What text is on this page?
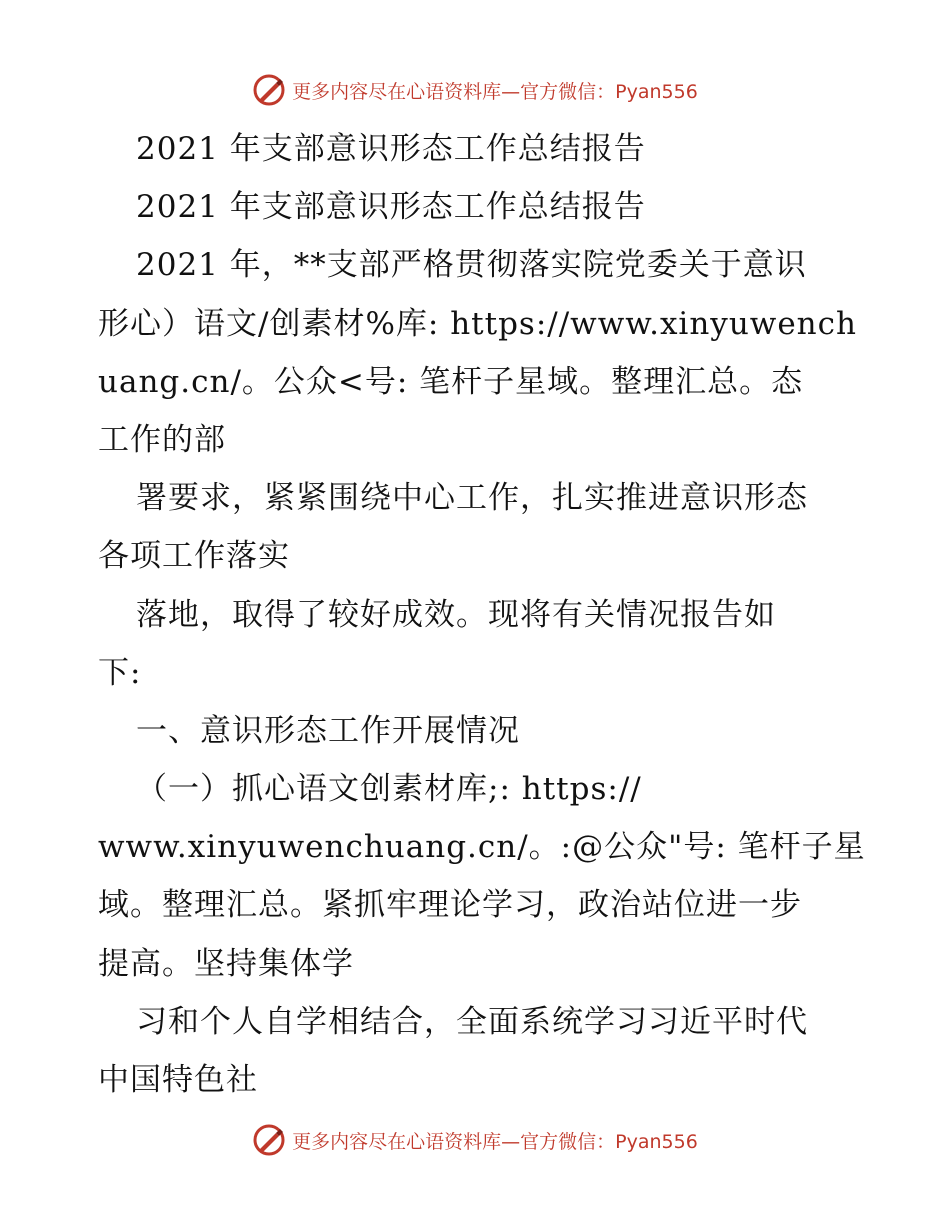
更多内容尽在心语资料库—官方微信：Pyan556
2021 年支部意识形态工作总结报告
2021 年支部意识形态工作总结报告
2021 年，**支部严格贯彻落实院党委关于意识
形心）语文/创素材%库: https://www.xinyuwench
uang.cn/。公众<号: 笔杆子星域。整理汇总。态
工作的部
署要求，紧紧围绕中心工作，扎实推进意识形态
各项工作落实
落地，取得了较好成效。现将有关情况报告如
下:
一、意识形态工作开展情况
（一）抓心语文创素材库;: https://
www.xinyuwenchuang.cn/。:@公众"号: 笔杆子星
域。整理汇总。紧抓牢理论学习，政治站位进一步
提高。坚持集体学
习和个人自学相结合，全面系统学习习近平时代
中国特色社
更多内容尽在心语资料库—官方微信：Pyan556
